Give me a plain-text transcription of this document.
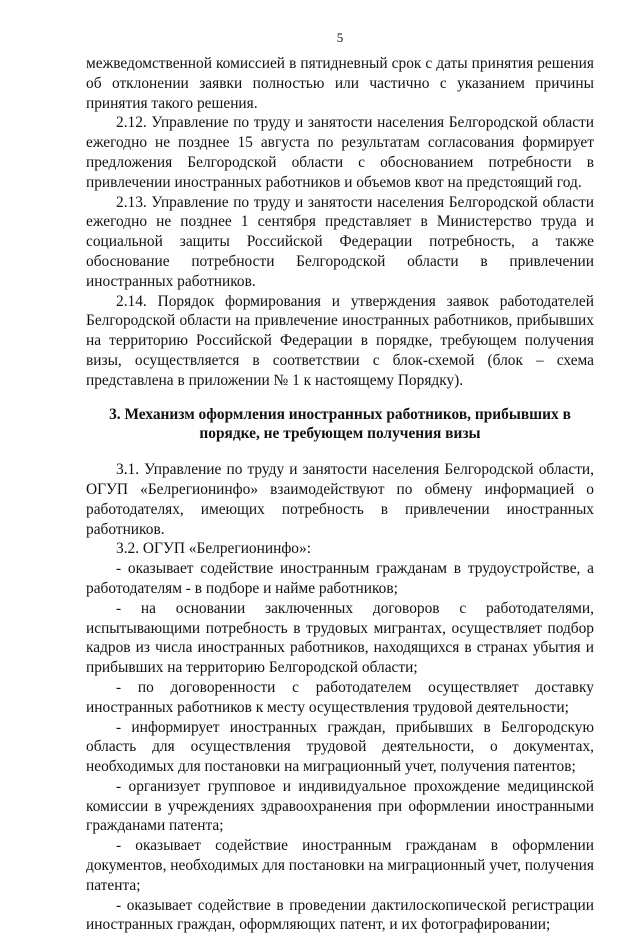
5

межведомственной комиссией в пятидневный срок с даты принятия решения об отклонении заявки полностью или частично с указанием причины принятия такого решения.

2.12. Управление по труду и занятости населения Белгородской области ежегодно не позднее 15 августа по результатам согласования формирует предложения Белгородской области с обоснованием потребности в привлечении иностранных работников и объемов квот на предстоящий год.

2.13. Управление по труду и занятости населения Белгородской области ежегодно не позднее 1 сентября представляет в Министерство труда и социальной защиты Российской Федерации потребность, а также обоснование потребности Белгородской области в привлечении иностранных работников.

2.14. Порядок формирования и утверждения заявок работодателей Белгородской области на привлечение иностранных работников, прибывших на территорию Российской Федерации в порядке, требующем получения визы, осуществляется в соответствии с блок-схемой (блок – схема представлена в приложении № 1 к настоящему Порядку).

3. Механизм оформления иностранных работников, прибывших в порядке, не требующем получения визы

3.1. Управление по труду и занятости населения Белгородской области, ОГУП «Белрегионинфо» взаимодействуют по обмену информацией о работодателях, имеющих потребность в привлечении иностранных работников.

3.2. ОГУП «Белрегионинфо»:

- оказывает содействие иностранным гражданам в трудоустройстве, а работодателям - в подборе и найме работников;

- на основании заключенных договоров с работодателями, испытывающими потребность в трудовых мигрантах, осуществляет подбор кадров из числа иностранных работников, находящихся в странах убытия и прибывших на территорию Белгородской области;

- по договоренности с работодателем осуществляет доставку иностранных работников к месту осуществления трудовой деятельности;

- информирует иностранных граждан, прибывших в Белгородскую область для осуществления трудовой деятельности, о документах, необходимых для постановки на миграционный учет, получения патентов;

- организует групповое и индивидуальное прохождение медицинской комиссии в учреждениях здравоохранения при оформлении иностранными гражданами патента;

- оказывает содействие иностранным гражданам в оформлении документов, необходимых для постановки на миграционный учет, получения патента;

- оказывает содействие в проведении дактилоскопической регистрации иностранных граждан, оформляющих патент, и их фотографировании;
